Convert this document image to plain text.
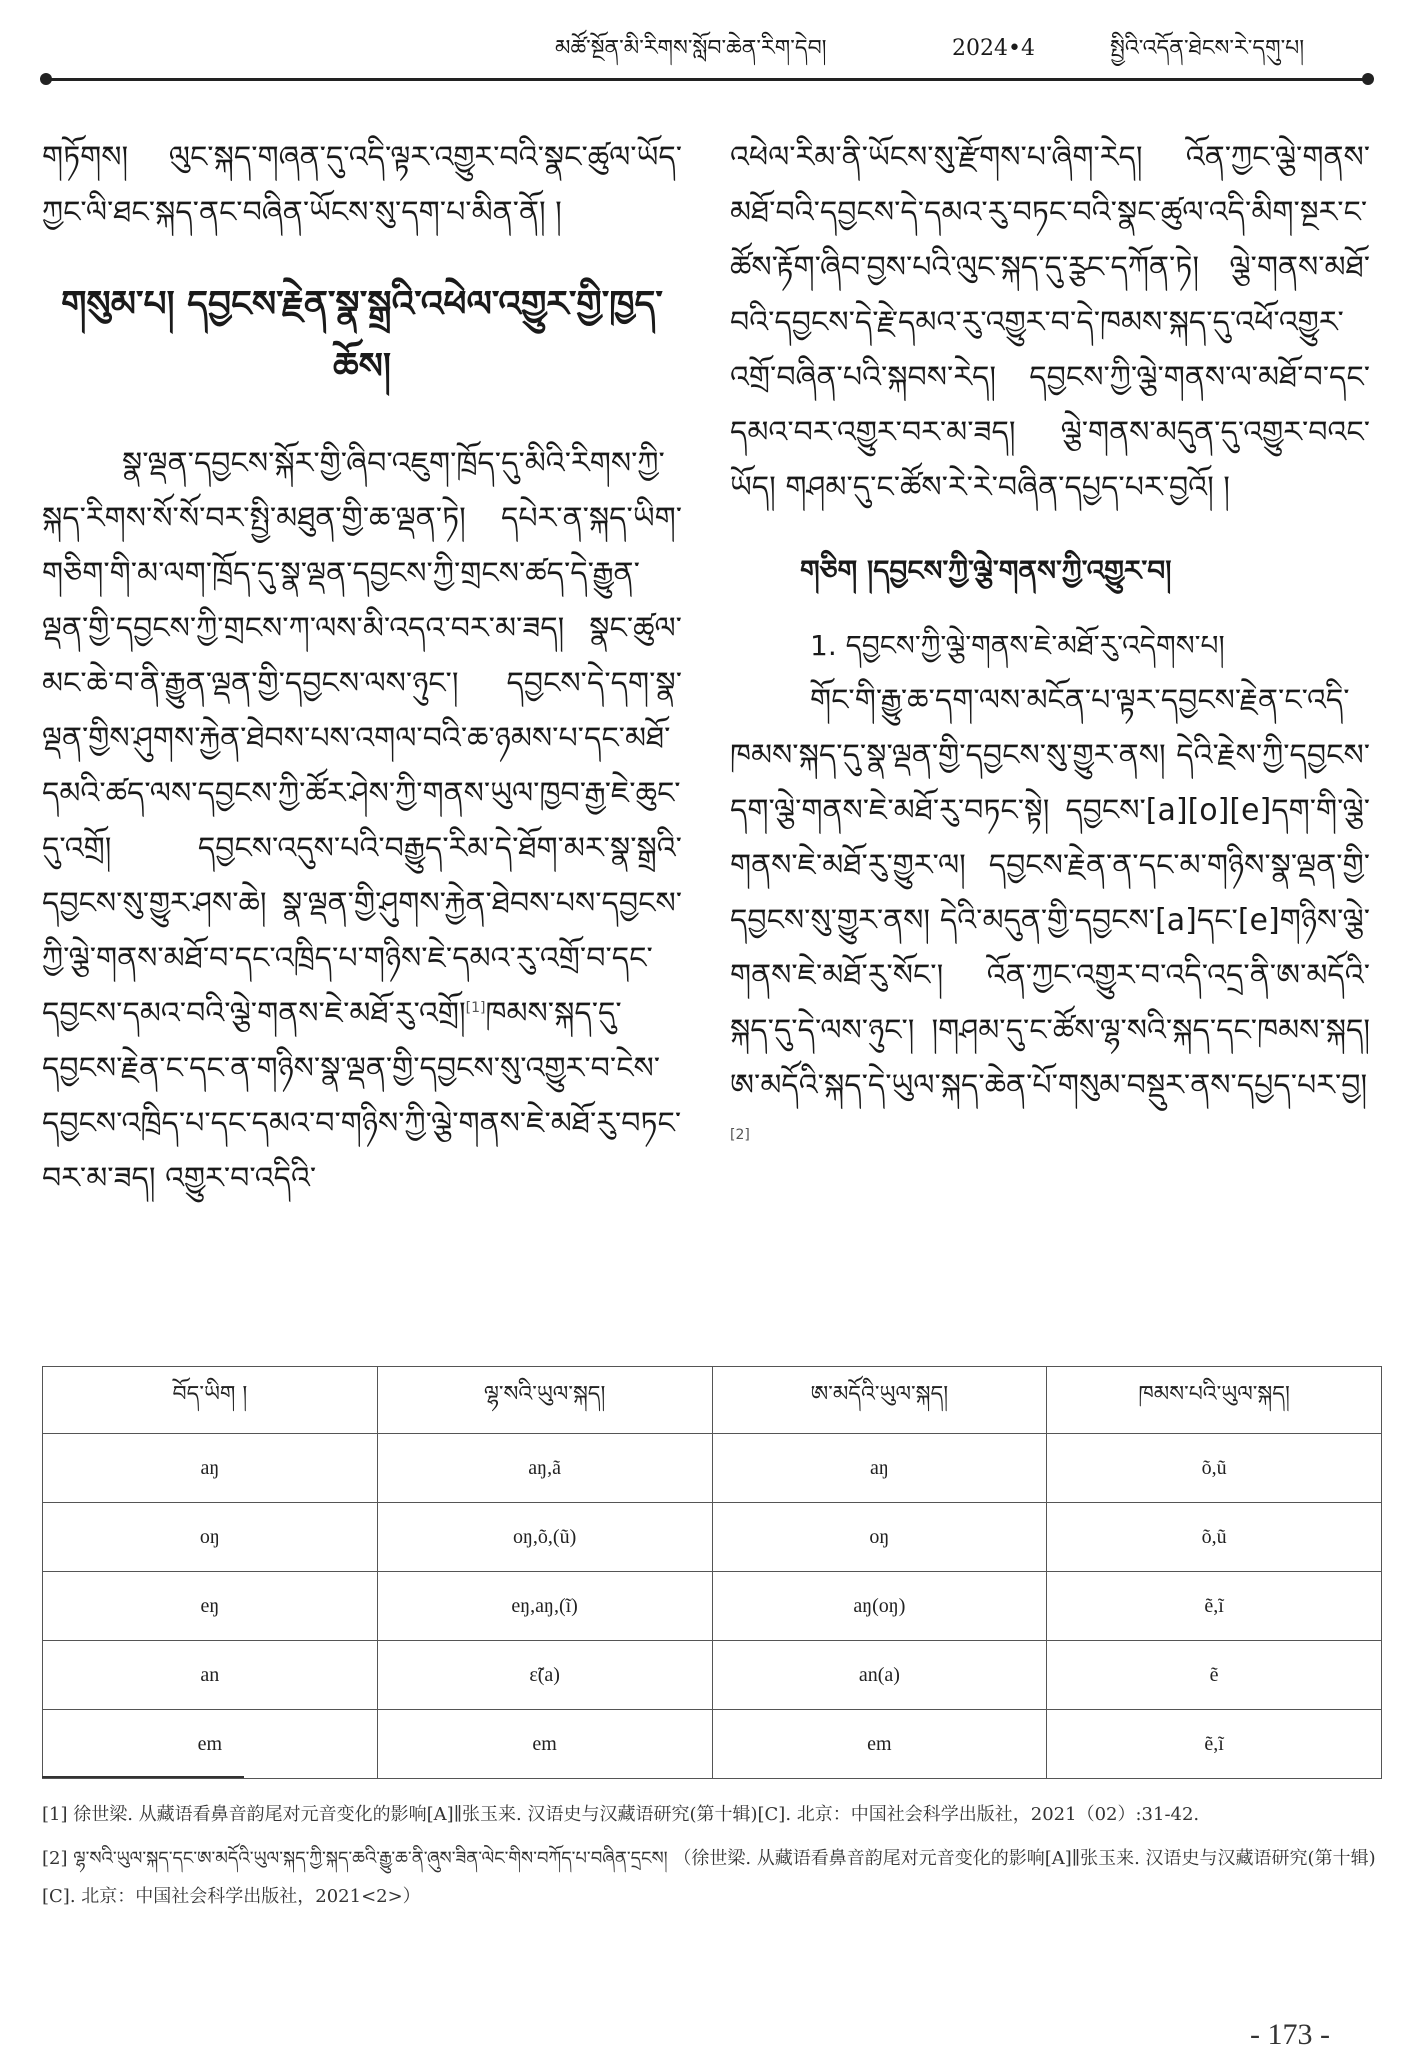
མཚོ་སྔོན་མི་རིགས་སློབ་ཆེན་རིག་དེབ།	2024•4	སྤྱིའི་འདོན་ཐེངས་རེ་དགུ་པ།

གཏོགས། ལུང་སྐད་གཞན་དུ་འདི་ལྟར་འགྱུར་བའི་སྣང་ཚུལ་ཡོད་ཀྱང་ལི་ཐང་སྐད་ནང་བཞིན་ཡོངས་སུ་དག་པ་མིན་ནོ། །

གསུམ་པ། དབྱངས་རྗེན་སྣ་སྒྲའི་འཕེལ་འགྱུར་གྱི་ཁྱད་ཆོས།

སྣ་ལྡན་དབྱངས་སྐོར་གྱི་ཞིབ་འཇུག་ཁྲོད་དུ་མིའི་རིགས་ཀྱི་སྐད་རིགས་སོ་སོ་བར་སྤྱི་མཐུན་གྱི་ཆ་ལྡན་ཏེ། དཔེར་ན་སྐད་ཡིག་གཅིག་གི་མ་ལག་ཁྲོད་དུ་སྣ་ལྡན་དབྱངས་ཀྱི་གྲངས་ཚད་དེ་རྒྱུན་ལྡན་གྱི་དབྱངས་ཀྱི་གྲངས་ཀ་ལས་མི་འདའ་བར་མ་ཟད། སྣང་ཚུལ་མང་ཆེ་བ་ནི་རྒྱུན་ལྡན་གྱི་དབྱངས་ལས་ཉུང་། དབྱངས་དེ་དག་སྣ་ལྡན་གྱིས་ཤུགས་རྐྱེན་ཐེབས་པས་འགལ་བའི་ཆ་ཉམས་པ་དང་མཐོ་དམའི་ཚད་ལས་དབྱངས་ཀྱི་ཚོར་ཤེས་ཀྱི་གནས་ཡུལ་ཁྱབ་རྒྱ་ཇེ་ཆུང་དུ་འགྲོ། དབྱངས་འདུས་པའི་བརྒྱུད་རིམ་དེ་ཐོག་མར་སྣ་སྒྲའི་དབྱངས་སུ་གྱུར་ཤས་ཆེ། སྣ་ལྡན་གྱི་ཤུགས་རྐྱེན་ཐེབས་པས་དབྱངས་ཀྱི་ལྕེ་གནས་མཐོ་བ་དང་འཁྲིད་པ་གཉིས་ཇེ་དམའ་རུ་འགྲོ་བ་དང་དབྱངས་དམའ་བའི་ལྕེ་གནས་ཇེ་མཐོ་རུ་འགྲོ།[1]ཁམས་སྐད་དུ་དབྱངས་རྗེན་ང་དང་ན་གཉིས་སྣ་ལྡན་གྱི་དབྱངས་སུ་འགྱུར་བ་ངེས་དབྱངས་འཁྲིད་པ་དང་དམའ་བ་གཉིས་ཀྱི་ལྕེ་གནས་ཇེ་མཐོ་རུ་བཏང་བར་མ་ཟད། འགྱུར་བ་འདིའི་

འཕེལ་རིམ་ནི་ཡོངས་སུ་རྫོགས་པ་ཞིག་རེད། འོན་ཀྱང་ལྕེ་གནས་མཐོ་བའི་དབྱངས་དེ་དམའ་རུ་བཏང་བའི་སྣང་ཚུལ་འདི་མིག་སྔར་ང་ཚོས་རྟོག་ཞིབ་བྱས་པའི་ལུང་སྐད་དུ་ཪྩང་དཀོན་ཏེ། ལྕེ་གནས་མཐོ་བའི་དབྱངས་དེ་རྗེ་དམའ་རུ་འགྱུར་བ་དེ་ཁམས་སྐད་དུ་འཕོ་འགྱུར་འགྲོ་བཞིན་པའི་སྐབས་རེད། དབྱངས་ཀྱི་ལྕེ་གནས་ལ་མཐོ་བ་དང་དམའ་བར་འགྱུར་བར་མ་ཟད། ལྕེ་གནས་མདུན་དུ་འགྱུར་བའང་ཡོད། གཤམ་དུ་ང་ཚོས་རེ་རེ་བཞིན་དཔྱད་པར་བྱའོ། །

གཅིག །དབྱངས་ཀྱི་ལྕེ་གནས་ཀྱི་འགྱུར་བ།

1. དབྱངས་ཀྱི་ལྕེ་གནས་ཇེ་མཐོ་རུ་འདེགས་པ།

གོང་གི་རྒྱུ་ཆ་དག་ལས་མངོན་པ་ལྟར་དབྱངས་རྗེན་ང་འདི་ཁམས་སྐད་དུ་སྣ་ལྡན་གྱི་དབྱངས་སུ་གྱུར་ནས། དེའི་རྗེས་ཀྱི་དབྱངས་དག་ལྕེ་གནས་ཇེ་མཐོ་རུ་བཏང་སྟེ། དབྱངས་[a][o][e]དག་གི་ལྕེ་གནས་ཇེ་མཐོ་རུ་གྱུར་ལ། དབྱངས་རྗེན་ན་དང་མ་གཉིས་སྣ་ལྡན་གྱི་དབྱངས་སུ་གྱུར་ནས། དེའི་མདུན་གྱི་དབྱངས་[a]དང་[e]གཉིས་ལྕེ་གནས་ཇེ་མཐོ་རུ་སོང་། འོན་ཀྱང་འགྱུར་བ་འདི་འདྲ་ནི་ཨ་མདོའི་སྐད་དུ་དེ་ལས་ཉུང་། །གཤམ་དུ་ང་ཚོས་ལྷ་སའི་སྐད་དང་ཁམས་སྐད། ཨ་མདོའི་སྐད་དེ་ཡུལ་སྐད་ཆེན་པོ་གསུམ་བསྡུར་ནས་དཔྱད་པར་བྱ།[2]

བོད་ཡིག །	ལྷ་སའི་ཡུལ་སྐད།	ཨ་མདོའི་ཡུལ་སྐད།	ཁམས་པའི་ཡུལ་སྐད།
aŋ	aŋ,ã	aŋ	õ,ũ
oŋ	oŋ,õ,(ũ)	oŋ	õ,ũ
eŋ	eŋ,aŋ,(ĩ)	aŋ(oŋ)	ẽ,ĩ
an	ɛ̃(a)	an(a)	ẽ
em	em	em	ẽ,ĩ

[1] 徐世梁. 从藏语看鼻音韵尾对元音变化的影响[A]∥张玉来. 汉语史与汉藏语研究(第十辑)[C]. 北京：中国社会科学出版社，2021（02）:31-42.

[2] ལྷ་སའི་ཡུལ་སྐད་དང་ཨ་མདོའི་ཡུལ་སྐད་ཀྱི་སྐད་ཆའི་རྒྱུ་ཆ་ནི་ཞུས་ཟིན་ལེང་གིས་བཀོད་པ་བཞིན་དྲངས། （徐世梁. 从藏语看鼻音韵尾对元音变化的影响[A]∥张玉来. 汉语史与汉藏语研究(第十辑)[C]. 北京：中国社会科学出版社，2021<2>）

- 173 -
